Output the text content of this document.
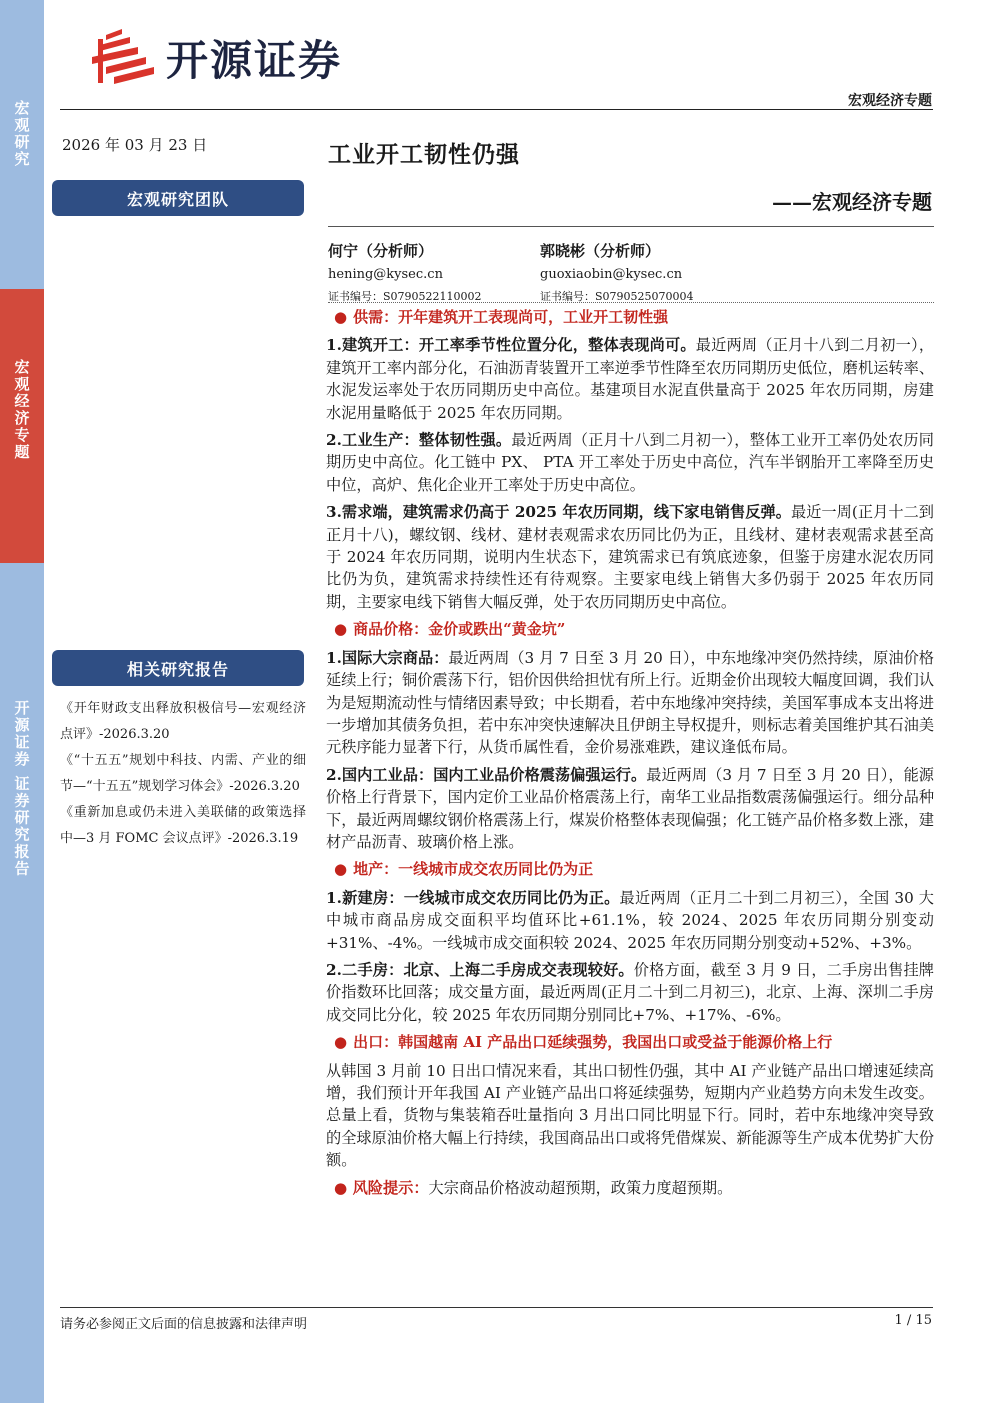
宏观研究
宏观经济专题
开源证券 证券研究报告
开源证券
宏观经济专题
2026 年 03 月 23 日	工业开工韧性仍强
——宏观经济专题
宏观研究团队
何宁（分析师）
hening@kysec.cn
证书编号：S0790522110002
郭晓彬（分析师）
guoxiaobin@kysec.cn
证书编号：S0790525070004
相关研究报告

《开年财政支出释放积极信号—宏观经济点评》-2026.3.20

《“十五五”规划中科技、内需、产业的细节—“十五五”规划学习体会》-2026.3.20

《重新加息或仍未进入美联储的政策选择中—3 月 FOMC 会议点评》-2026.3.19

● 供需：开年建筑开工表现尚可，工业开工韧性强

1.建筑开工：开工率季节性位置分化，整体表现尚可。最近两周（正月十八到二月初一），建筑开工率内部分化，石油沥青装置开工率逆季节性降至农历同期历史低位，磨机运转率、水泥发运率处于农历同期历史中高位。基建项目水泥直供量高于 2025 年农历同期，房建水泥用量略低于 2025 年农历同期。

2.工业生产：整体韧性强。最近两周（正月十八到二月初一），整体工业开工率仍处农历同期历史中高位。化工链中 PX、 PTA 开工率处于历史中高位，汽车半钢胎开工率降至历史中位，高炉、焦化企业开工率处于历史中高位。

3.需求端，建筑需求仍高于 2025 年农历同期，线下家电销售反弹。最近一周(正月十二到正月十八)，螺纹钢、线材、建材表观需求农历同比仍为正，且线材、建材表观需求甚至高于 2024 年农历同期，说明内生状态下，建筑需求已有筑底迹象，但鉴于房建水泥农历同比仍为负，建筑需求持续性还有待观察。主要家电线上销售大多仍弱于 2025 年农历同期，主要家电线下销售大幅反弹，处于农历同期历史中高位。

● 商品价格：金价或跌出“黄金坑”

1.国际大宗商品：最近两周（3 月 7 日至 3 月 20 日），中东地缘冲突仍然持续，原油价格延续上行；铜价震荡下行，铝价因供给担忧有所上行。近期金价出现较大幅度回调，我们认为是短期流动性与情绪因素导致；中长期看，若中东地缘冲突持续，美国军事成本支出将进一步增加其债务负担，若中东冲突快速解决且伊朗主导权提升，则标志着美国维护其石油美元秩序能力显著下行，从货币属性看，金价易涨难跌，建议逢低布局。

2.国内工业品：国内工业品价格震荡偏强运行。最近两周（3 月 7 日至 3 月 20 日），能源价格上行背景下，国内定价工业品价格震荡上行，南华工业品指数震荡偏强运行。细分品种下，最近两周螺纹钢价格震荡上行，煤炭价格整体表现偏强；化工链产品价格多数上涨，建材产品沥青、玻璃价格上涨。

● 地产：一线城市成交农历同比仍为正

1.新建房：一线城市成交农历同比仍为正。最近两周（正月二十到二月初三），全国 30 大中城市商品房成交面积平均值环比+61.1%，较 2024、2025 年农历同期分别变动+31%、-4%。一线城市成交面积较 2024、2025 年农历同期分别变动+52%、+3%。

2.二手房：北京、上海二手房成交表现较好。价格方面，截至 3 月 9 日，二手房出售挂牌价指数环比回落；成交量方面，最近两周(正月二十到二月初三)，北京、上海、深圳二手房成交同比分化，较 2025 年农历同期分别同比+7%、+17%、-6%。

● 出口：韩国越南 AI 产品出口延续强势，我国出口或受益于能源价格上行

从韩国 3 月前 10 日出口情况来看，其出口韧性仍强，其中 AI 产业链产品出口增速延续高增，我们预计开年我国 AI 产业链产品出口将延续强势，短期内产业趋势方向未发生改变。总量上看，货物与集装箱吞吐量指向 3 月出口同比明显下行。同时，若中东地缘冲突导致的全球原油价格大幅上行持续，我国商品出口或将凭借煤炭、新能源等生产成本优势扩大份额。

● 风险提示：大宗商品价格波动超预期，政策力度超预期。

请务必参阅正文后面的信息披露和法律声明	1 / 15
